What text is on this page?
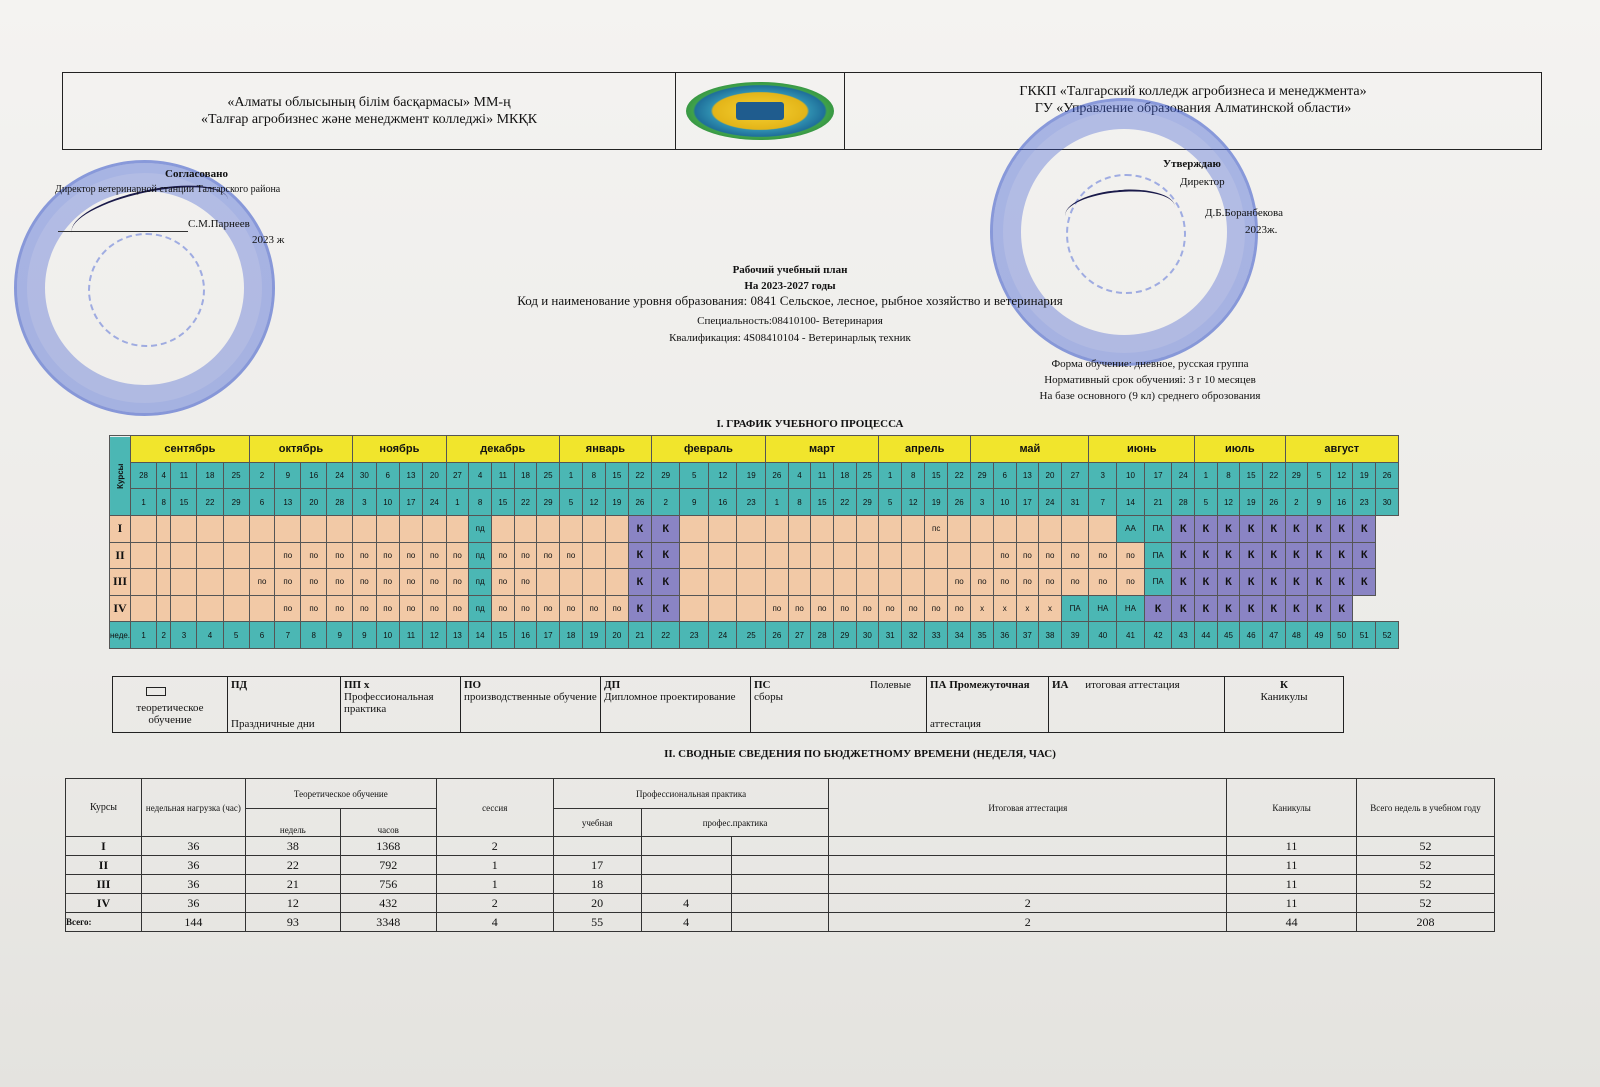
«Алматы облысының білім басқармасы» ММ-ң
«Талғар агробизнес және менеджмент колледжі» МКҚК
ГККП «Талгарский колледж агробизнеса и менеджмента»
ГУ «Управление образования Алматинской области»
Согласовано
Директор ветеринарной станции Талгарского района
С.М.Парнеев
2023 ж
Утверждаю
Директор
Д.Б.Боранбекова
2023ж.
Рабочий учебный план
На 2023-2027 годы
Код и наименование уровня образования: 0841 Сельское, лесное, рыбное хозяйство и ветеринария
Специальность:08410100- Ветеринария
Квалификация: 4S08410104 - Ветеринарлық техник
Форма обучение: дневное, русская группа
Нормативный срок обученияі: 3 г 10 месяцев
На базе основного (9 кл) среднего оброзования
I. ГРАФИК УЧЕБНОГО ПРОЦЕССА
Курсы	сентябрь					октябрь				ноябрь				декабрь					январь				февраль				март					апрель				май					июнь				июль				август				
	28	4	11	18	25	2	9	16	24	30	6	13	20	27	4	11	18	25	1	8	15	22	29	5	12	19	26	4	11	18	25	1	8	15	22	29	6	13	20	27	3	10	17	24	1	8	15	22	29	5	12	19	26
	1	8	15	22	29	6	13	20	28	3	10	17	24	1	8	15	22	29	5	12	19	26	2	9	16	23	1	8	15	22	29	5	12	19	26	3	10	17	24	31	7	14	21	28	5	12	19	26	2	9	16	23	30
I															пд							К	К											пс								АА	ПА	К	К	К	К	К	К	К	К	К	
II							по	по	по	по	по	по	по	по	пд	по	по	по	по			К	К														по	по	по	по	по	по	ПА	К	К	К	К	К	К	К	К	К	
III						по	по	по	по	по	по	по	по	по	пд	по	по					К	К												по	по	по	по	по	по	по	по	ПА	К	К	К	К	К	К	К	К	К	
IV							по	по	по	по	по	по	по	по	пд	по	по	по	по	по	по	К	К				по	по	по	по	по	по	по	по	по	х	х	х	х	ПА	НА	НА	К	К	К	К	К	К	К	К	К		
неде.	1	2	3	4	5	6	7	8	9	9	10	11	12	13	14	15	16	17	18	19	20	21	22	23	24	25	26	27	28	29	30	31	32	33	34	35	36	37	38	39	40	41	42	43	44	45	46	47	48	49	50	51	52
теоретическое обучение
ПД
Праздничные дни
ПП х
Профессиональная практика
ПО
производственные обучение
ДП
Дипломное проектирование
ПС	Полевые
сборы
ПА Промежуточная
аттестация
ИА итоговая аттестация	К
Каникулы
II. СВОДНЫЕ СВЕДЕНИЯ ПО БЮДЖЕТНОМУ ВРЕМЕНИ (НЕДЕЛЯ, ЧАС)
Курсы	недельная нагрузка (час)	Теоретическое обучение		сессия	Профессиональная практика			Итоговая аттестация	Каникулы	Всего недель в учебном году
		недель	часов		учебная	профес.практика				

I	36	38	1368	2					11	52
II	36	22	792	1	17				11	52
III	36	21	756	1	18				11	52
IV	36	12	432	2	20	4		2	11	52
Всего:	144	93	3348	4	55	4		2	44	208
